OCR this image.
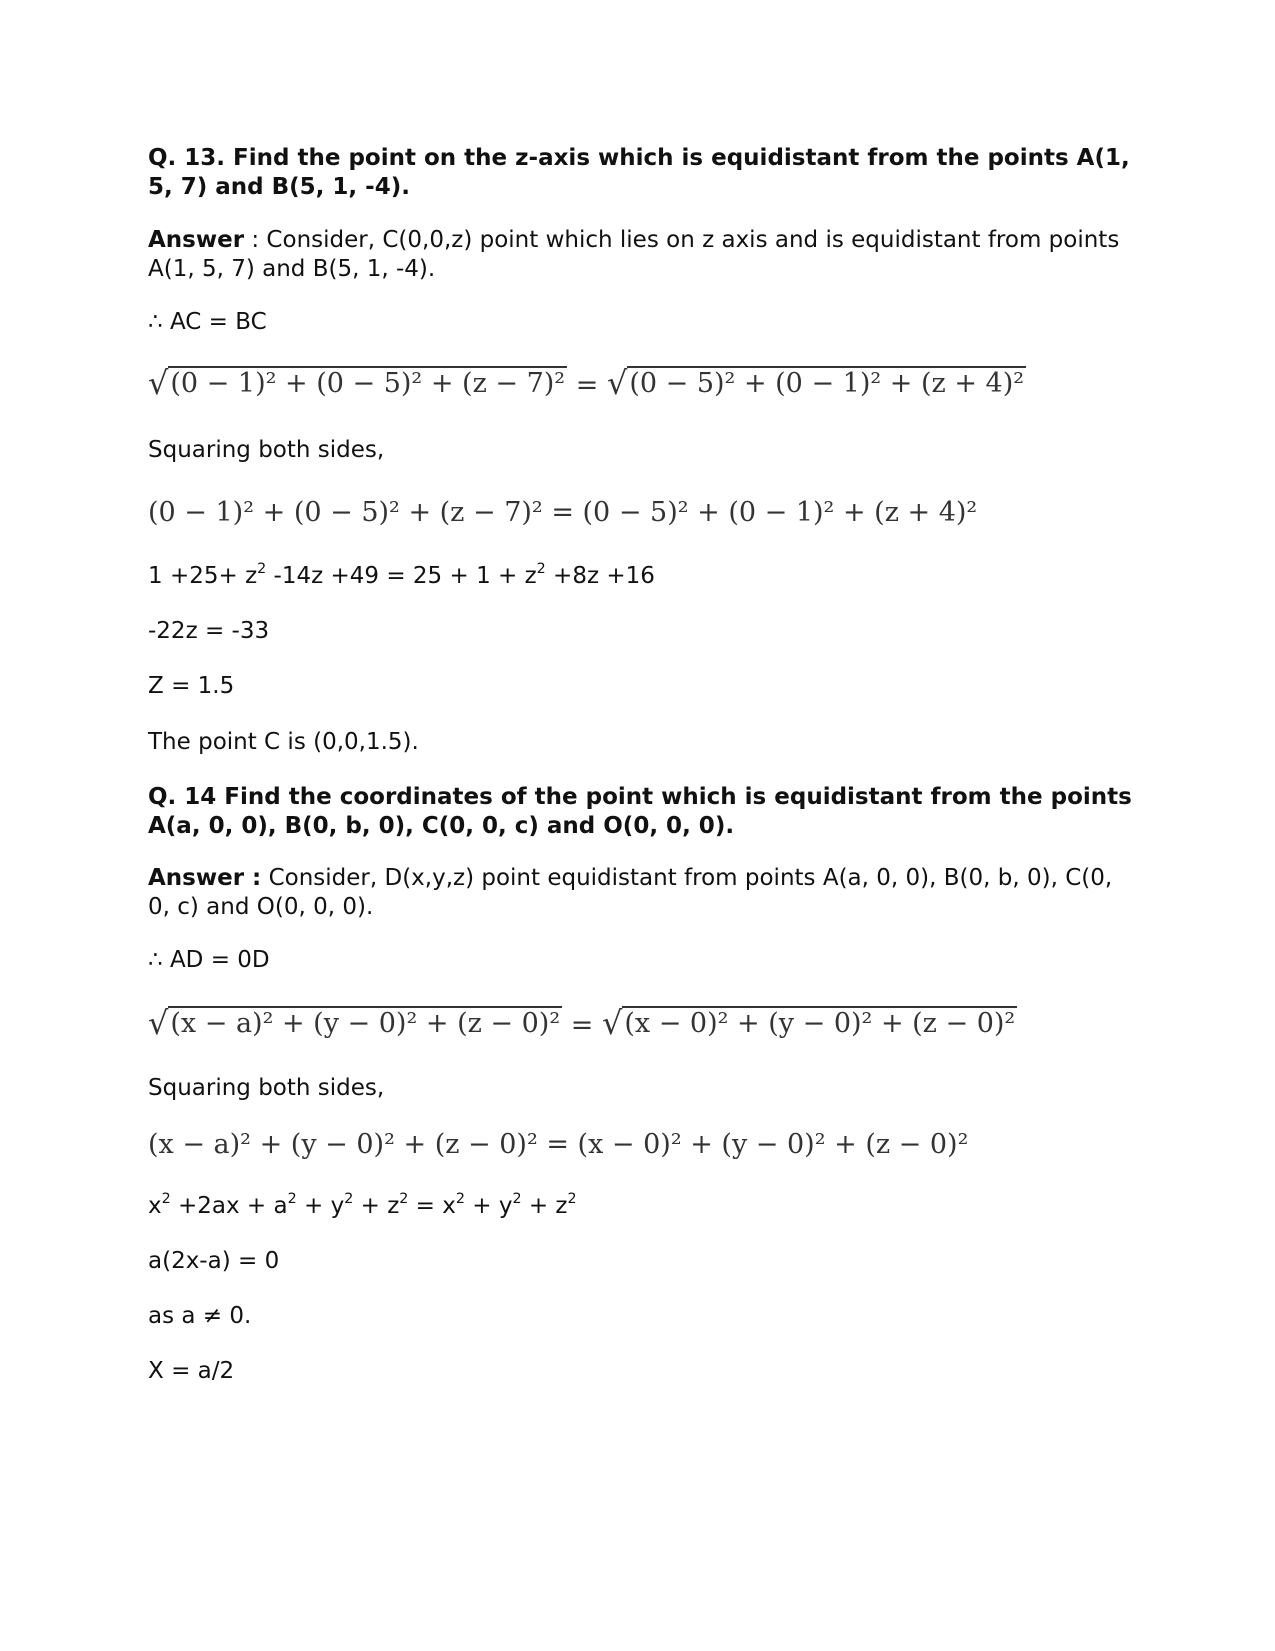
Q. 13. Find the point on the z-axis which is equidistant from the points A(1, 5, 7) and B(5, 1, -4).

Answer : Consider, C(0,0,z) point which lies on z axis and is equidistant from points A(1, 5, 7) and B(5, 1, -4).

∴ AC = BC

√ (0 − 1)² + (0 − 5)² + (z − 7)² = √ (0 − 5)² + (0 − 1)² + (z + 4)²

Squaring both sides,

(0 − 1)² + (0 − 5)² + (z − 7)² = (0 − 5)² + (0 − 1)² + (z + 4)²

$1 +25+ z^2$ $-14z +49 = 25 + 1 + z^2 +8z +16$

-22z = -33

Z = 1.5

The point C is (0,0,1.5).

Q. 14 Find the coordinates of the point which is equidistant from the points A(a, 0, 0), B(0, b, 0), C(0, 0, c) and O(0, 0, 0).

Answer : Consider, D(x,y,z) point equidistant from points A(a, 0, 0), B(0, b, 0), C(0, 0, c) and O(0, 0, 0).

∴ AD = 0D

√ (x − a)² + (y − 0)² + (z − 0)² = √ (x − 0)² + (y − 0)² + (z − 0)²

Squaring both sides,

(x − a)² + (y − 0)² + (z − 0)² = (x − 0)² + (y − 0)² + (z − 0)²

$x^2 +2ax + a^2 + y^2 + z^2 = x^2 + y^2 + z^2$

a(2x-a) = 0

as a ≠ 0.

X = a/2
